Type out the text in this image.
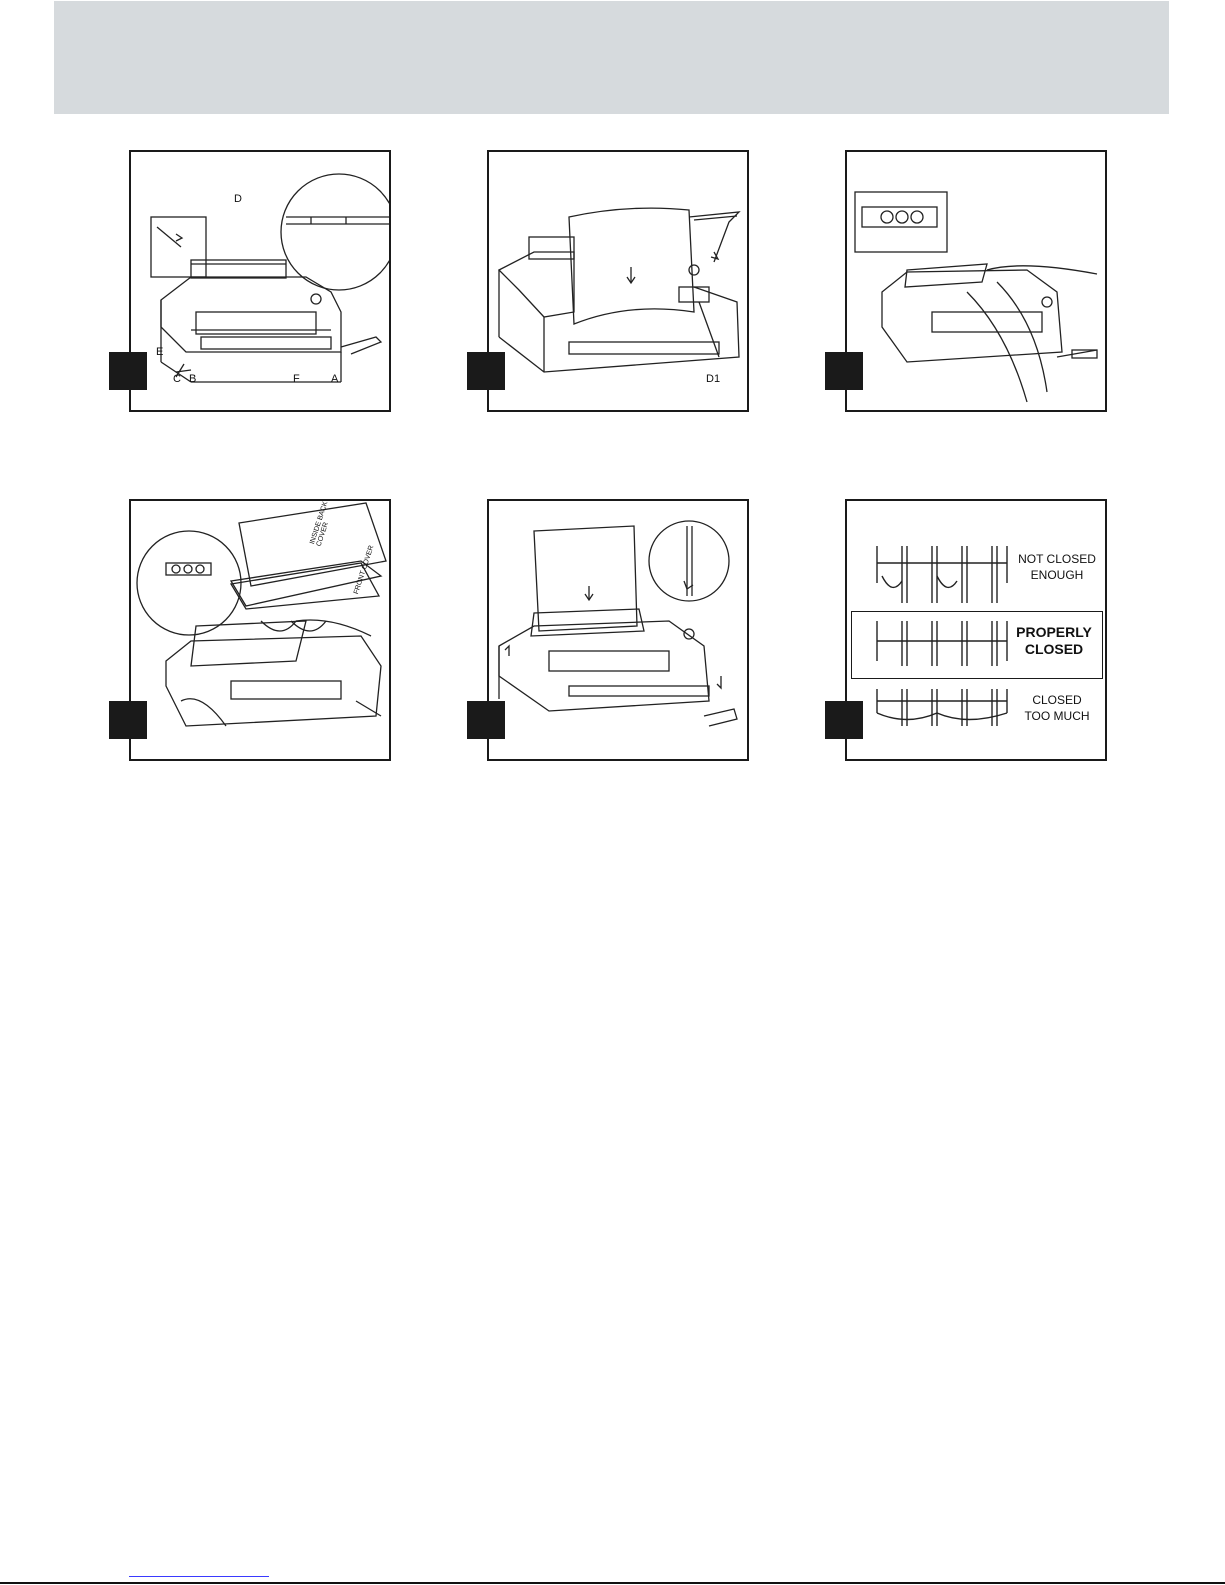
D
E
C B	F	A	D1
INSIDE BACK COVER
FRONT COVER	NOT CLOSED
ENOUGH
PROPERLY
CLOSED
CLOSED
TOO MUCH
